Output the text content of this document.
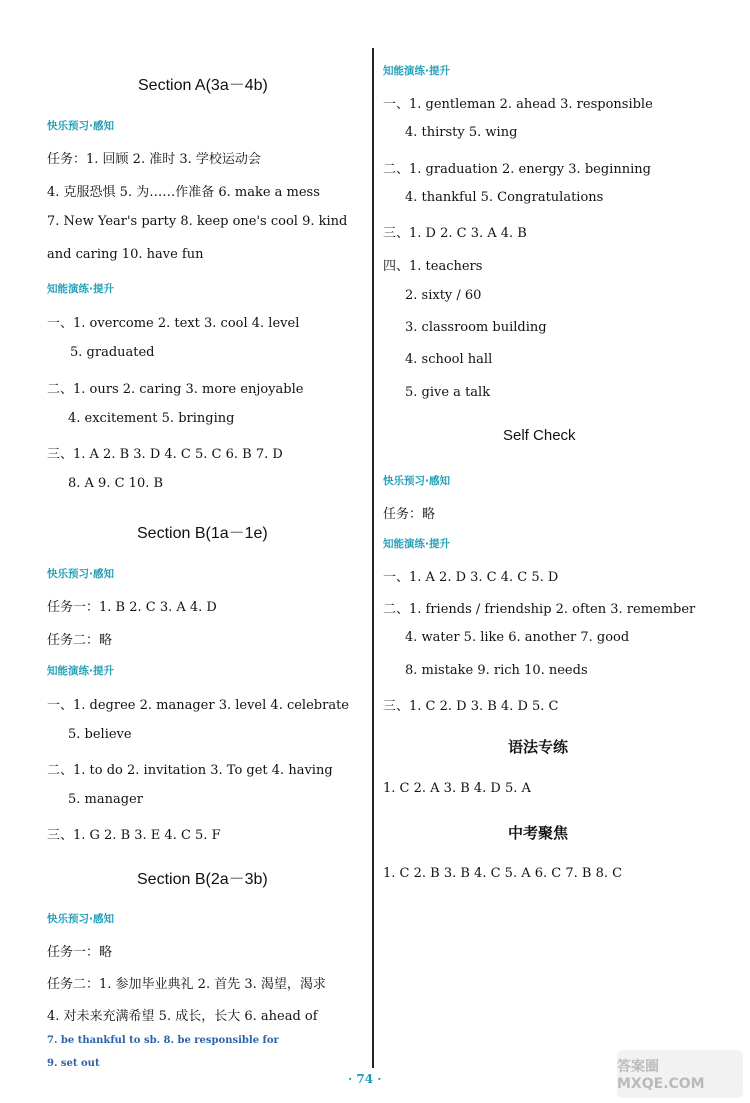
Section A(3a－4b)
快乐预习·感知
任务：1. 回顾 2. 准时 3. 学校运动会
4. 克服恐惧 5. 为……作准备 6. make a mess
7. New Year's party 8. keep one's cool 9. kind
and caring 10. have fun
知能演练·提升
一、1. overcome 2. text 3. cool 4. level
5. graduated
二、1. ours 2. caring 3. more enjoyable
4. excitement 5. bringing
三、1. A 2. B 3. D 4. C 5. C 6. B 7. D
8. A 9. C 10. B
Section B(1a－1e)
快乐预习·感知
任务一：1. B 2. C 3. A 4. D
任务二：略
知能演练·提升
一、1. degree 2. manager 3. level 4. celebrate
5. believe
二、1. to do 2. invitation 3. To get 4. having
5. manager
三、1. G 2. B 3. E 4. C 5. F
Section B(2a－3b)
快乐预习·感知
任务一：略
任务二：1. 参加毕业典礼 2. 首先 3. 渴望，渴求
4. 对未来充满希望 5. 成长，长大 6. ahead of
7. be thankful to sb. 8. be responsible for
9. set out
知能演练·提升
一、1. gentleman 2. ahead 3. responsible
4. thirsty 5. wing
二、1. graduation 2. energy 3. beginning
4. thankful 5. Congratulations
三、1. D 2. C 3. A 4. B
四、1. teachers
2. sixty / 60
3. classroom building
4. school hall
5. give a talk
Self Check
快乐预习·感知
任务：略
知能演练·提升
一、1. A 2. D 3. C 4. C 5. D
二、1. friends / friendship 2. often 3. remember
4. water 5. like 6. another 7. good
8. mistake 9. rich 10. needs
三、1. C 2. D 3. B 4. D 5. C
语法专练
1. C 2. A 3. B 4. D 5. A
中考聚焦
1. C 2. B 3. B 4. C 5. A 6. C 7. B 8. C
· 74 ·
答案圈 MXQE.COM
